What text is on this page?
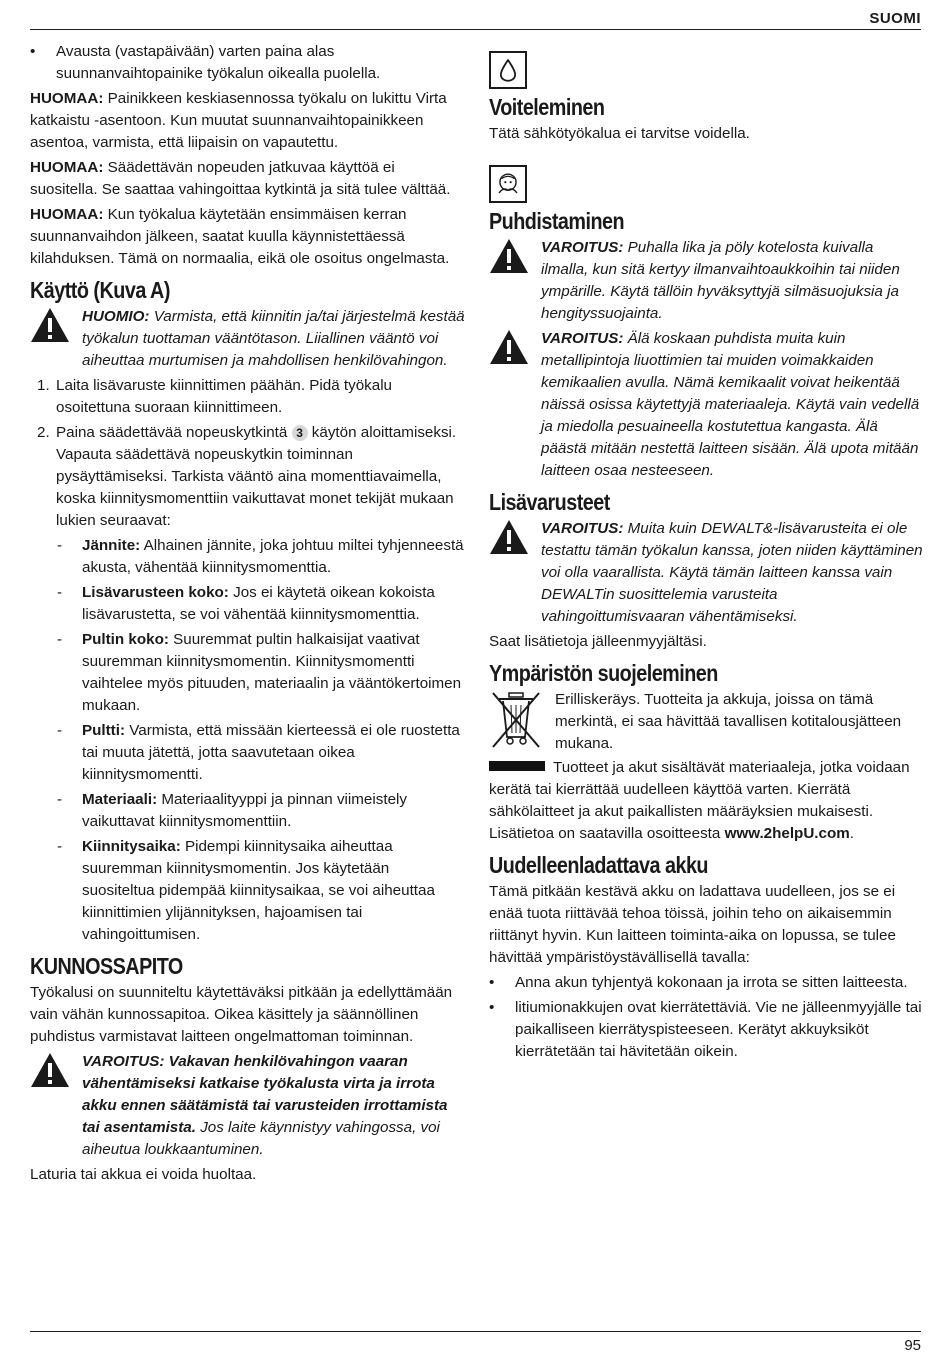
SUOMI
• Avausta (vastapäivään) varten paina alas suunnanvaihtopainike työkalun oikealla puolella.

HUOMAA: Painikkeen keskiasennossa työkalu on lukittu Virta katkaistu -asentoon. Kun muutat suunnanvaihtopainikkeen asentoa, varmista, että liipaisin on vapautettu.

HUOMAA: Säädettävän nopeuden jatkuvaa käyttöä ei suositella. Se saattaa vahingoittaa kytkintä ja sitä tulee välttää.

HUOMAA: Kun työkalua käytetään ensimmäisen kerran suunnanvaihdon jälkeen, saatat kuulla käynnistettäessä kilahduksen. Tämä on normaalia, eikä ole osoitus ongelmasta.

Käyttö (Kuva A)
HUOMIO: Varmista, että kiinnitin ja/tai järjestelmä kestää työkalun tuottaman vääntötason. Liiallinen vääntö voi aiheuttaa murtumisen ja mahdollisen henkilövahingon.
1. Laita lisävaruste kiinnittimen päähän. Pidä työkalu osoitettuna suoraan kiinnittimeen.
2. Paina säädettävää nopeuskytkintä 3 käytön aloittamiseksi. Vapauta säädettävä nopeuskytkin toiminnan pysäyttämiseksi. Tarkista vääntö aina momenttiavaimella, koska kiinnitysmomenttiin vaikuttavat monet tekijät mukaan lukien seuraavat:
- Jännite: Alhainen jännite, joka johtuu miltei tyhjenneestä akusta, vähentää kiinnitysmomenttia.
- Lisävarusteen koko: Jos ei käytetä oikean kokoista lisävarustetta, se voi vähentää kiinnitysmomenttia.
- Pultin koko: Suuremmat pultin halkaisijat vaativat suuremman kiinnitysmomentin. Kiinnitysmomentti vaihtelee myös pituuden, materiaalin ja vääntökertoimen mukaan.
- Pultti: Varmista, että missään kierteessä ei ole ruostetta tai muuta jätettä, jotta saavutetaan oikea kiinnitysmomentti.
- Materiaali: Materiaalityyppi ja pinnan viimeistely vaikuttavat kiinnitysmomenttiin.
- Kiinnitysaika: Pidempi kiinnitysaika aiheuttaa suuremman kiinnitysmomentin. Jos käytetään suositeltua pidempää kiinnitysaikaa, se voi aiheuttaa kiinnittimien ylijännityksen, hajoamisen tai vahingoittumisen.
KUNNOSSAPITO

Työkalusi on suunniteltu käytettäväksi pitkään ja edellyttämään vain vähän kunnossapitoa. Oikea käsittely ja säännöllinen puhdistus varmistavat laitteen ongelmattoman toiminnan.

VAROITUS: Vakavan henkilövahingon vaaran vähentämiseksi katkaise työkalusta virta ja irrota akku ennen säätämistä tai varusteiden irrottamista tai asentamista. Jos laite käynnistyy vahingossa, voi aiheutua loukkaantuminen.

Laturia tai akkua ei voida huoltaa.

Voiteleminen

Tätä sähkötyökalua ei tarvitse voidella.

Puhdistaminen
VAROITUS: Puhalla lika ja pöly kotelosta kuivalla ilmalla, kun sitä kertyy ilmanvaihtoaukkoihin tai niiden ympärille. Käytä tällöin hyväksyttyjä silmäsuojuksia ja hengityssuojainta.
VAROITUS: Älä koskaan puhdista muita kuin metallipintoja liuottimien tai muiden voimakkaiden kemikaalien avulla. Nämä kemikaalit voivat heikentää näissä osissa käytettyjä materiaaleja. Käytä vain vedellä ja miedolla pesuaineella kostutettua kangasta. Älä päästä mitään nestettä laitteen sisään. Älä upota mitään laitteen osaa nesteeseen.
Lisävarusteet
VAROITUS: Muita kuin DEWALT&-lisävarusteita ei ole testattu tämän työkalun kanssa, joten niiden käyttäminen voi olla vaarallista. Käytä tämän laitteen kanssa vain DEWALTin suosittelemia varusteita vahingoittumisvaaran vähentämiseksi.

Saat lisätietoja jälleenmyyjältäsi.

Ympäristön suojeleminen
Erilliskeräys. Tuotteita ja akkuja, joissa on tämä merkintä, ei saa hävittää tavallisen kotitalousjätteen mukana.

Tuotteet ja akut sisältävät materiaaleja, jotka voidaan kerätä tai kierrättää uudelleen käyttöä varten. Kierrätä sähkölaitteet ja akut paikallisten määräyksien mukaisesti. Lisätietoa on saatavilla osoitteesta www.2helpU.com.

Uudelleenladattava akku

Tämä pitkään kestävä akku on ladattava uudelleen, jos se ei enää tuota riittävää tehoa töissä, joihin teho on aikaisemmin riittänyt hyvin. Kun laitteen toiminta-aika on lopussa, se tulee hävittää ympäristöystävällisellä tavalla:

• Anna akun tyhjentyä kokonaan ja irrota se sitten laitteesta.
• litiumionakkujen ovat kierrätettäviä. Vie ne jälleenmyyjälle tai paikalliseen kierrätyspisteeseen. Kerätyt akkuyksiköt kierrätetään tai hävitetään oikein.
95
